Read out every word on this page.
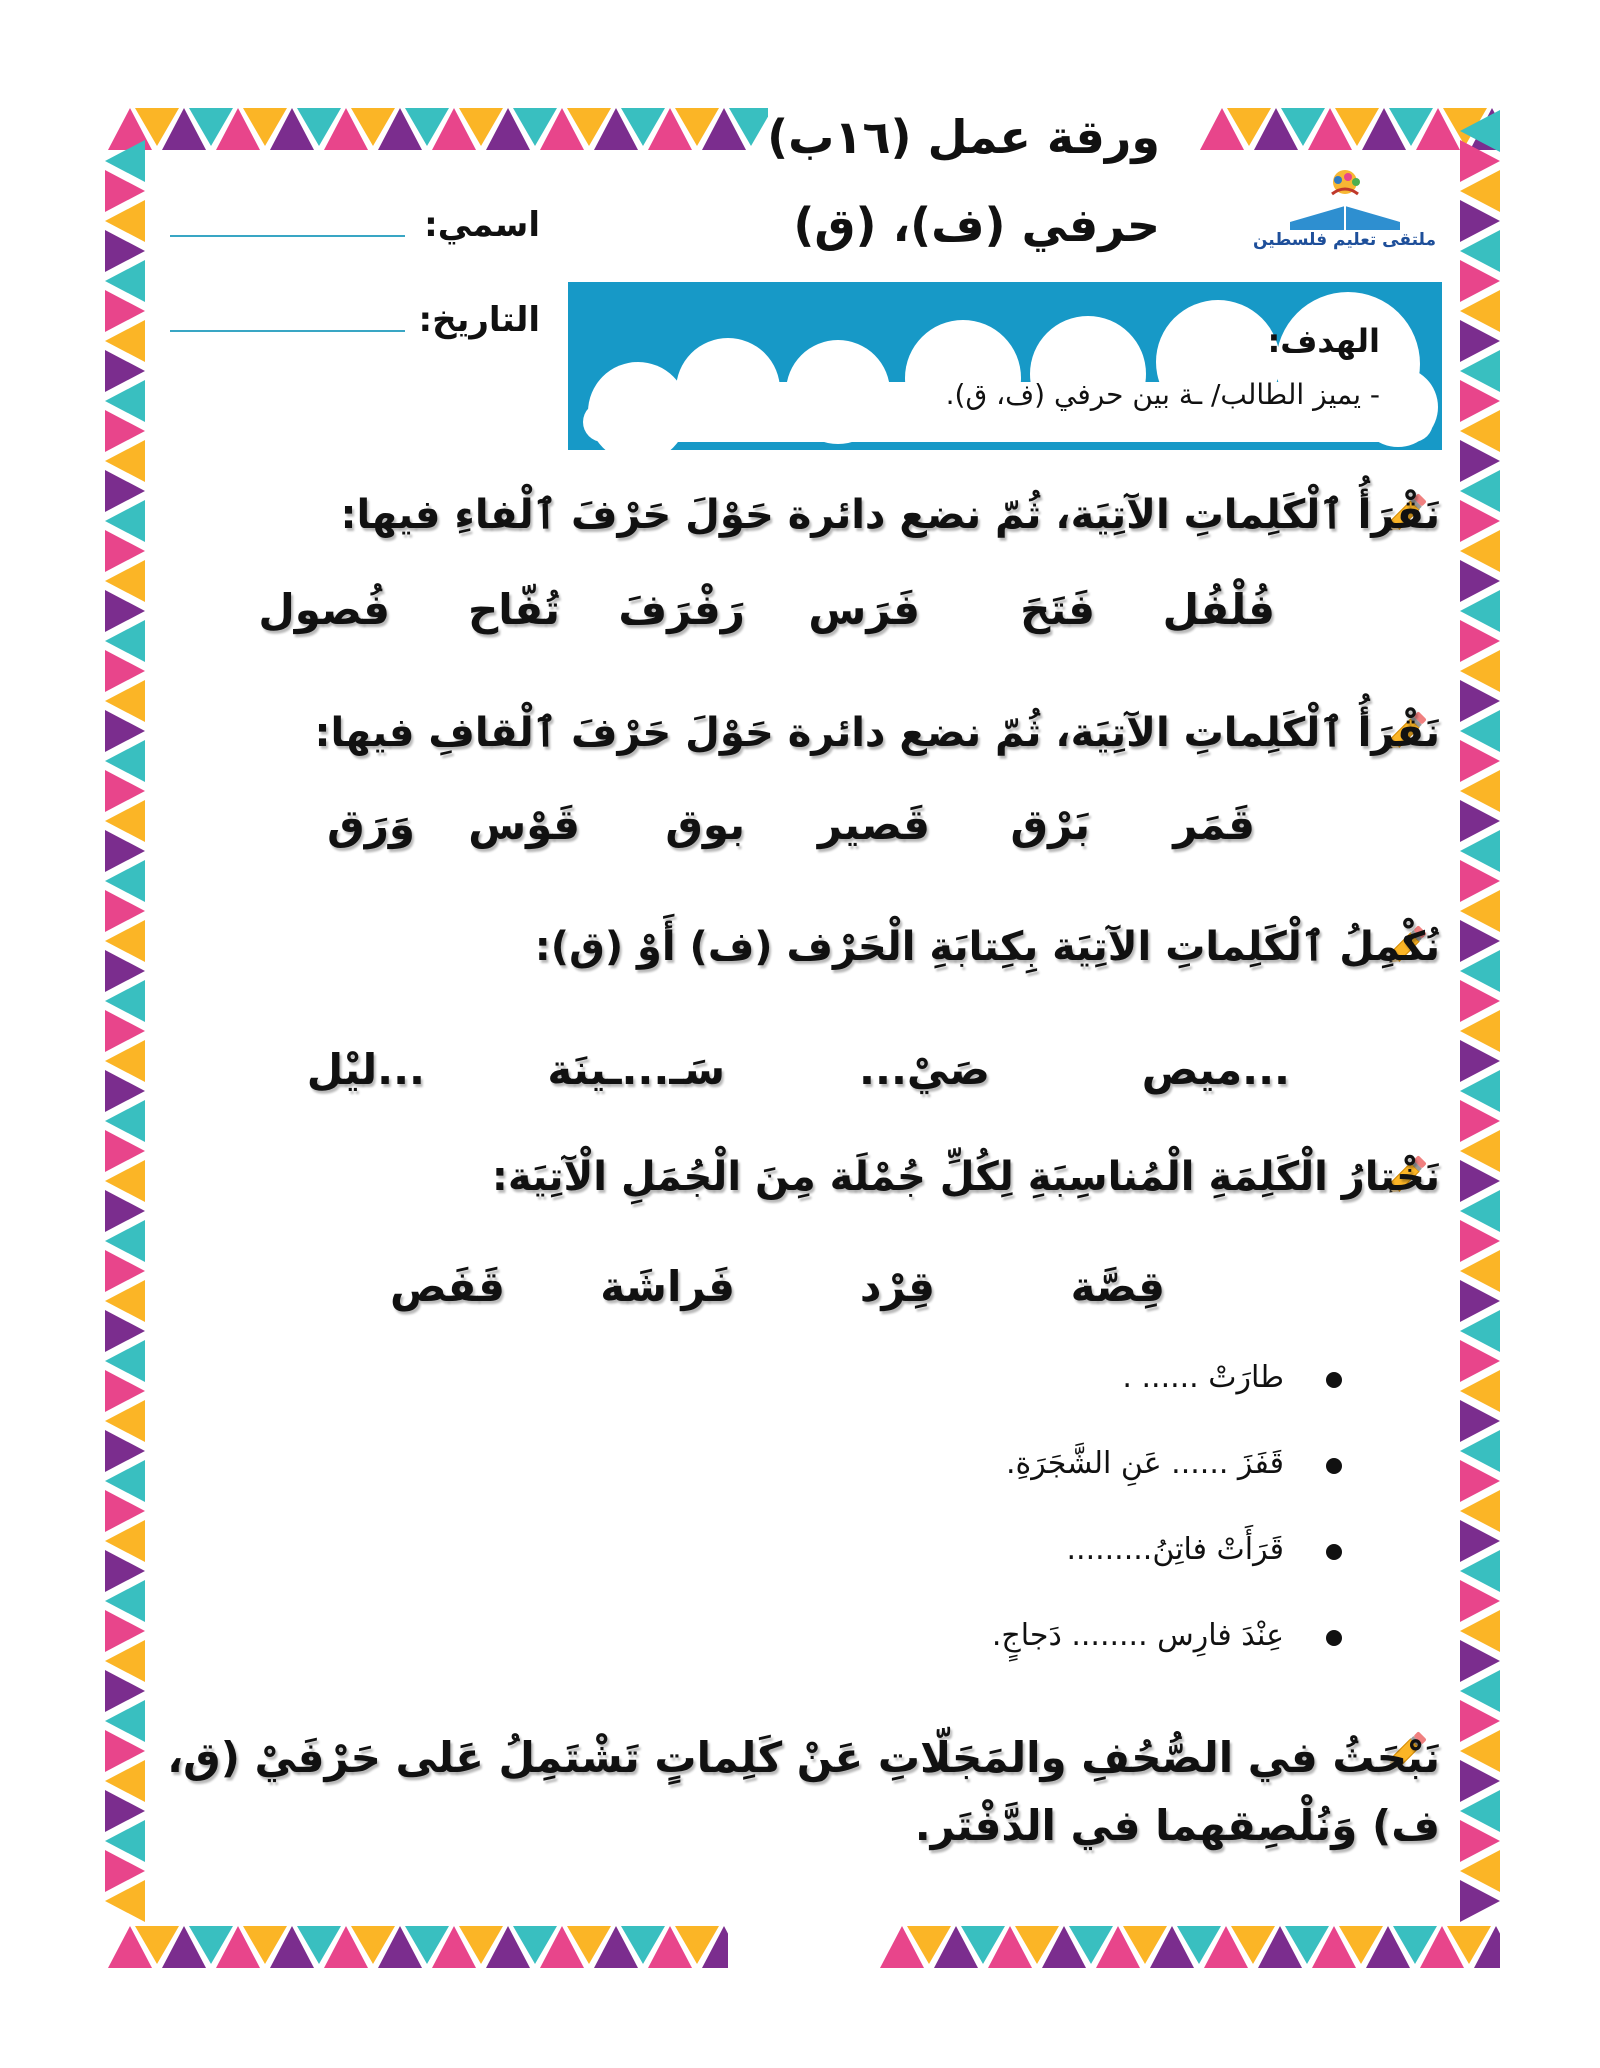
ورقة عمل (١٦ب)
حرفي (ف)، (ق)	ملتقى تعليم فلسطين
اسمي:
التاريخ:
الهدف:
- يميز الطالب/ ـة بين حرفي (ف، ق).
نَقْرَأُ ٱلْكَلِماتِ الآتِيَة، ثُمّ نضع دائرة حَوْلَ حَرْفَ ٱلْفاءِ فيها:
فُلْفُل
فَتَحَ
فَرَس
رَفْرَفَ
تُفّاح
فُصول
نَقْرَأُ ٱلْكَلِماتِ الآتِيَة، ثُمّ نضع دائرة حَوْلَ حَرْفَ ٱلْقافِ فيها:
قَمَر
بَرْق
قَصير
بوق
قَوْس
وَرَق
نُكْمِلُ ٱلْكَلِماتِ الآتِيَة بِكِتابَةِ الْحَرْف (ف) أَوْ (ق):
...ميص
صَيْ...
سَـ...ـينَة
...ليْل
نَخْتارُ الْكَلِمَةِ الْمُناسِبَةِ لِكُلِّ جُمْلَة مِنَ الْجُمَلِ الْآتِيَة:
قِصَّة
قِرْد
فَراشَة
قَفَص
طارَتْ ...... .
قَفَزَ ...... عَنِ الشَّجَرَةِ.
قَرَأَتْ فاتِنُ.........
عِنْدَ فارِس ........ دَجاجٍ.
نَبْحَثُ في الصُّحُفِ والمَجَلّاتِ عَنْ كَلِماتٍ تَشْتَمِلُ عَلى حَرْفَيْ (ق، ف) وَنُلْصِقهما في الدَّفْتَر.
